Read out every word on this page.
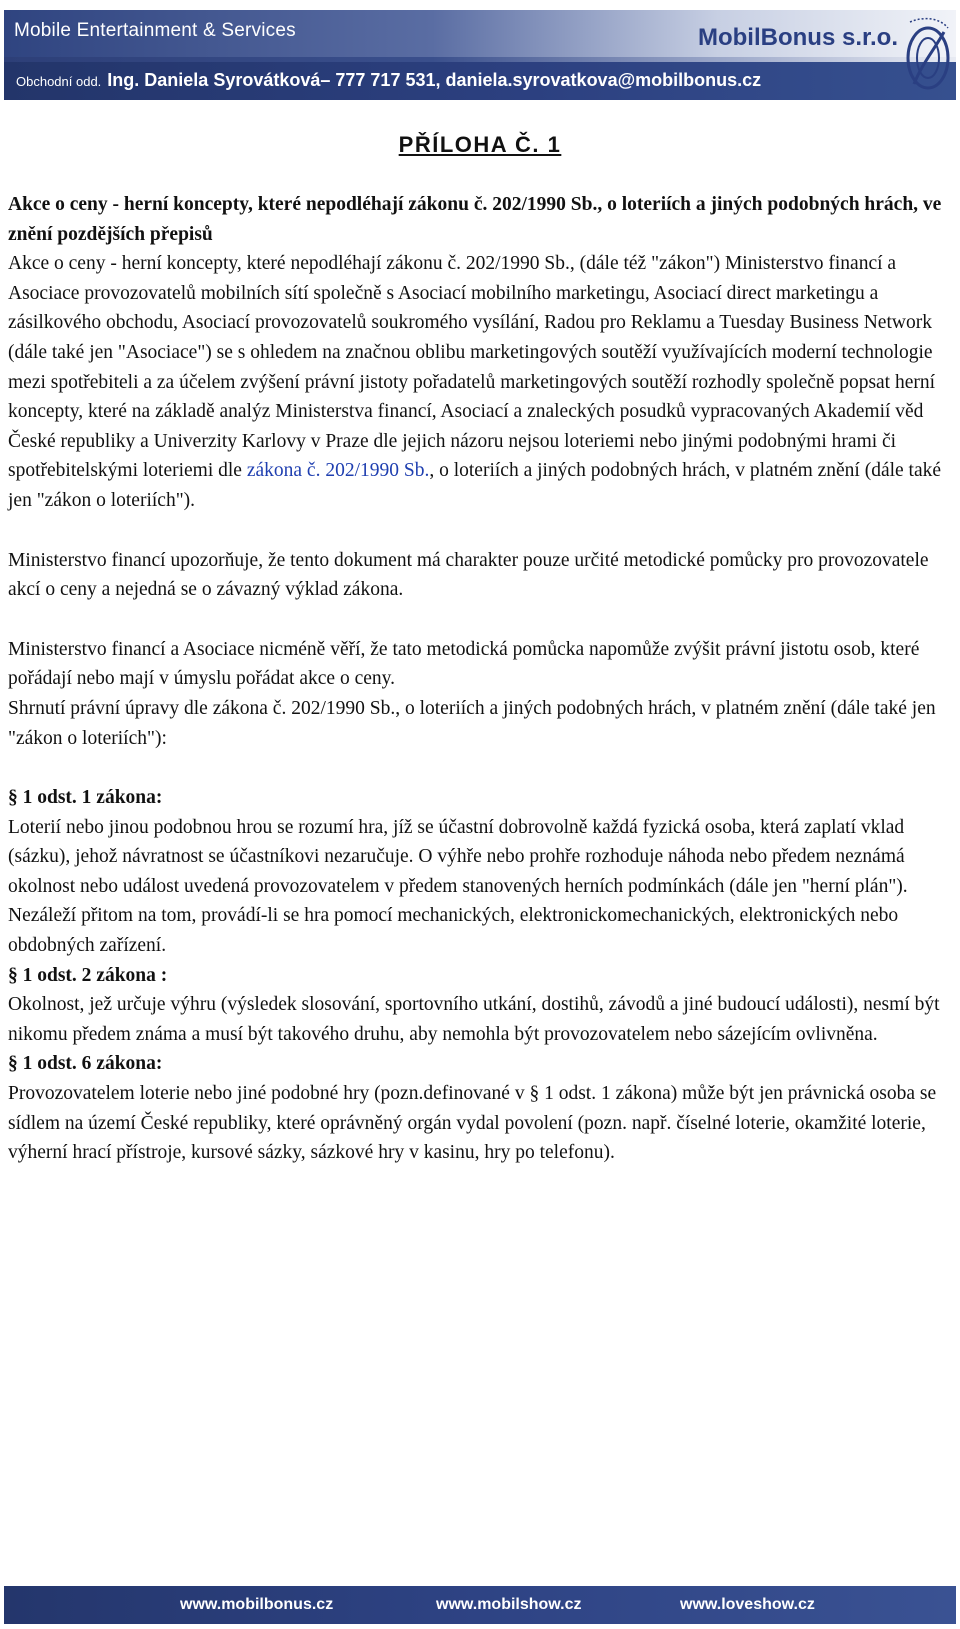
Mobile Entertainment & Services	MobilBonus s.r.o.
Obchodní odd. Ing. Daniela Syrovátková– 777 717 531, daniela.syrovatkova@mobilbonus.cz
PŘÍLOHA Č. 1

Akce o ceny - herní koncepty, které nepodléhají zákonu č. 202/1990 Sb., o loteriích a jiných podobných hrách, ve znění pozdějších přepisů

Akce o ceny - herní koncepty, které nepodléhají zákonu č. 202/1990 Sb., (dále též "zákon") Ministerstvo financí a Asociace provozovatelů mobilních sítí společně s Asociací mobilního marketingu, Asociací direct marketingu a zásilkového obchodu, Asociací provozovatelů soukromého vysílání, Radou pro Reklamu a Tuesday Business Network (dále také jen "Asociace") se s ohledem na značnou oblibu marketingových soutěží využívajících moderní technologie mezi spotřebiteli a za účelem zvýšení právní jistoty pořadatelů marketingových soutěží rozhodly společně popsat herní koncepty, které na základě analýz Ministerstva financí, Asociací a znaleckých posudků vypracovaných Akademií věd České republiky a Univerzity Karlovy v Praze dle jejich názoru nejsou loteriemi nebo jinými podobnými hrami či spotřebitelskými loteriemi dle zákona č. 202/1990 Sb., o loteriích a jiných podobných hrách, v platném znění (dále také jen "zákon o loteriích").

Ministerstvo financí upozorňuje, že tento dokument má charakter pouze určité metodické pomůcky pro provozovatele akcí o ceny a nejedná se o závazný výklad zákona.

Ministerstvo financí a Asociace nicméně věří, že tato metodická pomůcka napomůže zvýšit právní jistotu osob, které pořádají nebo mají v úmyslu pořádat akce o ceny.

Shrnutí právní úpravy dle zákona č. 202/1990 Sb., o loteriích a jiných podobných hrách, v platném znění (dále také jen "zákon o loteriích"):

§ 1 odst. 1 zákona:

Loterií nebo jinou podobnou hrou se rozumí hra, jíž se účastní dobrovolně každá fyzická osoba, která zaplatí vklad (sázku), jehož návratnost se účastníkovi nezaručuje. O výhře nebo prohře rozhoduje náhoda nebo předem neznámá okolnost nebo událost uvedená provozovatelem v předem stanovených herních podmínkách (dále jen "herní plán"). Nezáleží přitom na tom, provádí-li se hra pomocí mechanických, elektronickomechanických, elektronických nebo obdobných zařízení.

§ 1 odst. 2 zákona :

Okolnost, jež určuje výhru (výsledek slosování, sportovního utkání, dostihů, závodů a jiné budoucí události), nesmí být nikomu předem známa a musí být takového druhu, aby nemohla být provozovatelem nebo sázejícím ovlivněna.

§ 1 odst. 6 zákona:

Provozovatelem loterie nebo jiné podobné hry (pozn.definované v § 1 odst. 1 zákona) může být jen právnická osoba se sídlem na území České republiky, které oprávněný orgán vydal povolení (pozn. např. číselné loterie, okamžité loterie, výherní hrací přístroje, kursové sázky, sázkové hry v kasinu, hry po telefonu).

www.mobilbonus.cz	www.mobilshow.cz	www.loveshow.cz
